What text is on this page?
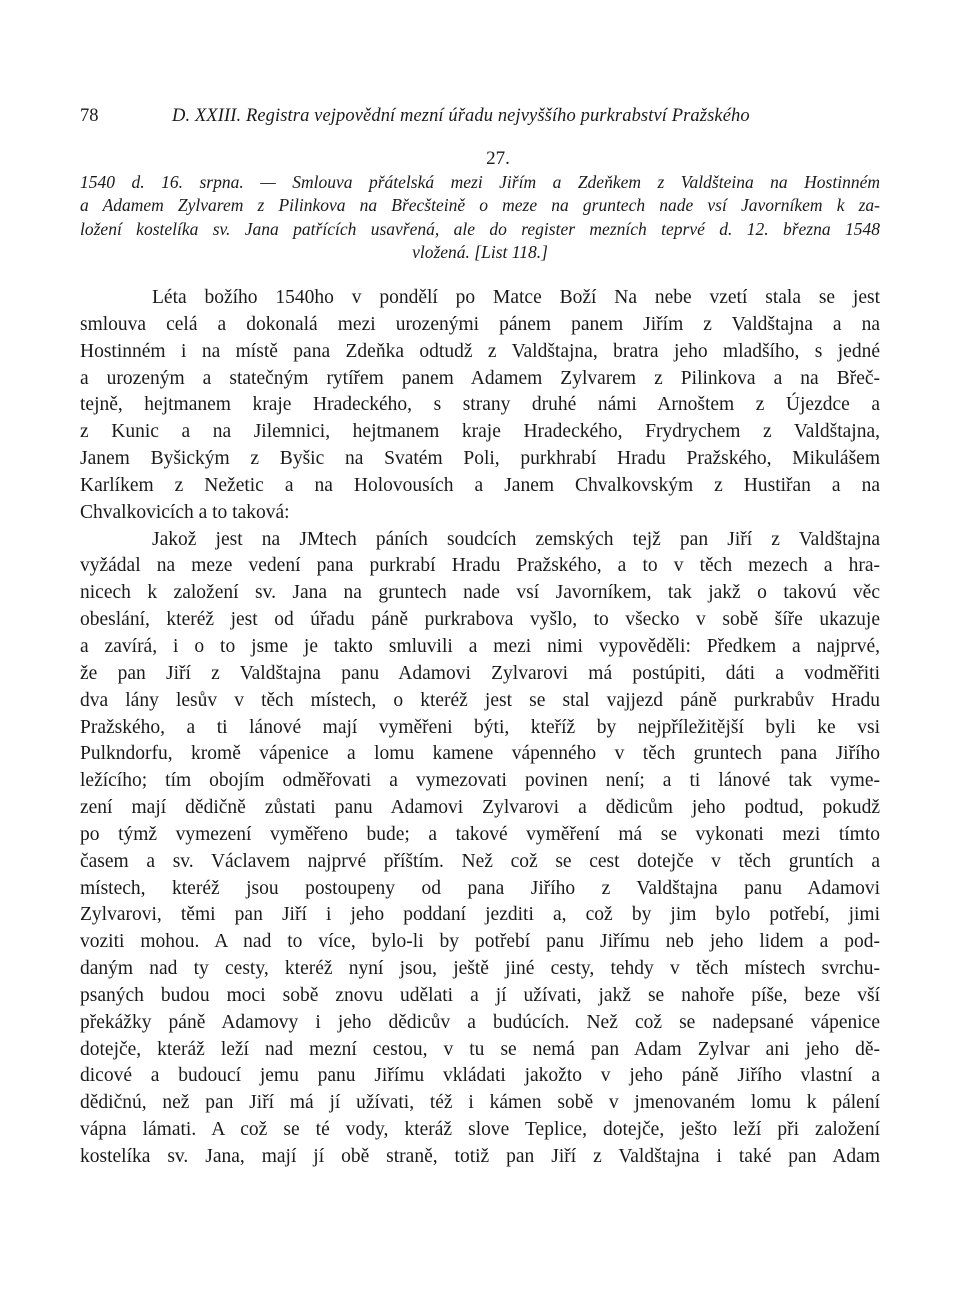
78	D. XXIII. Registra vejpovědní mezní úřadu nejvyššího purkrabství Pražského
27.
1540 d. 16. srpna. — Smlouva přátelská mezi Jiřím a Zdeňkem z Valdšteina na Hostinném
a Adamem Zylvarem z Pilinkova na Břecšteině o meze na gruntech nade vsí Javorníkem k za-
ložení kostelíka sv. Jana patřících usavřená, ale do register mezních teprvé d. 12. března 1548
vložená. [List 118.]
Léta božího 1540ho v pondělí po Matce Boží Na nebe vzetí stala se jest
smlouva celá a dokonalá mezi urozenými pánem panem Jiřím z Valdštajna a na
Hostinném i na místě pana Zdeňka odtudž z Valdštajna, bratra jeho mladšího, s jedné
a urozeným a statečným rytířem panem Adamem Zylvarem z Pilinkova a na Břeč-
tejně, hejtmanem kraje Hradeckého, s strany druhé námi Arnoštem z Újezdce a
z Kunic a na Jilemnici, hejtmanem kraje Hradeckého, Frydrychem z Valdštajna,
Janem Byšickým z Byšic na Svatém Poli, purkhrabí Hradu Pražského, Mikulášem
Karlíkem z Nežetic a na Holovousích a Janem Chvalkovským z Hustiřan a na
Chvalkovicích a to taková:
Jakož jest na JMtech páních soudcích zemských tejž pan Jiří z Valdštajna
vyžádal na meze vedení pana purkrabí Hradu Pražského, a to v těch mezech a hra-
nicech k založení sv. Jana na gruntech nade vsí Javorníkem, tak jakž o takovú věc
obeslání, kteréž jest od úřadu páně purkrabova vyšlo, to všecko v sobě šíře ukazuje
a zavírá, i o to jsme je takto smluvili a mezi nimi vypověděli: Předkem a najprvé,
že pan Jiří z Valdštajna panu Adamovi Zylvarovi má postúpiti, dáti a vodměřiti
dva lány lesův v těch místech, o kteréž jest se stal vajjezd páně purkrabův Hradu
Pražského, a ti lánové mají vyměřeni býti, kteříž by nejpříležitější byli ke vsi
Pulkndorfu, kromě vápenice a lomu kamene vápenného v těch gruntech pana Jiřího
ležícího; tím obojím odměřovati a vymezovati povinen není; a ti lánové tak vyme-
zení mají dědičně zůstati panu Adamovi Zylvarovi a dědicům jeho podtud, pokudž
po týmž vymezení vyměřeno bude; a takové vyměření má se vykonati mezi tímto
časem a sv. Václavem najprvé příštím. Než což se cest dotejče v těch gruntích a
místech, kteréž jsou postoupeny od pana Jiřího z Valdštajna panu Adamovi
Zylvarovi, těmi pan Jiří i jeho poddaní jezditi a, což by jim bylo potřebí, jimi
voziti mohou. A nad to více, bylo-li by potřebí panu Jiřímu neb jeho lidem a pod-
daným nad ty cesty, kteréž nyní jsou, ještě jiné cesty, tehdy v těch místech svrchu-
psaných budou moci sobě znovu udělati a jí užívati, jakž se nahoře píše, beze vší
překážky páně Adamovy i jeho dědicův a budúcích. Než což se nadepsané vápenice
dotejče, kteráž leží nad mezní cestou, v tu se nemá pan Adam Zylvar ani jeho dě-
dicové a budoucí jemu panu Jiřímu vkládati jakožto v jeho páně Jiřího vlastní a
dědičnú, než pan Jiří má jí užívati, též i kámen sobě v jmenovaném lomu k pálení
vápna lámati. A což se té vody, kteráž slove Teplice, dotejče, ješto leží při založení
kostelíka sv. Jana, mají jí obě straně, totiž pan Jiří z Valdštajna i také pan Adam
